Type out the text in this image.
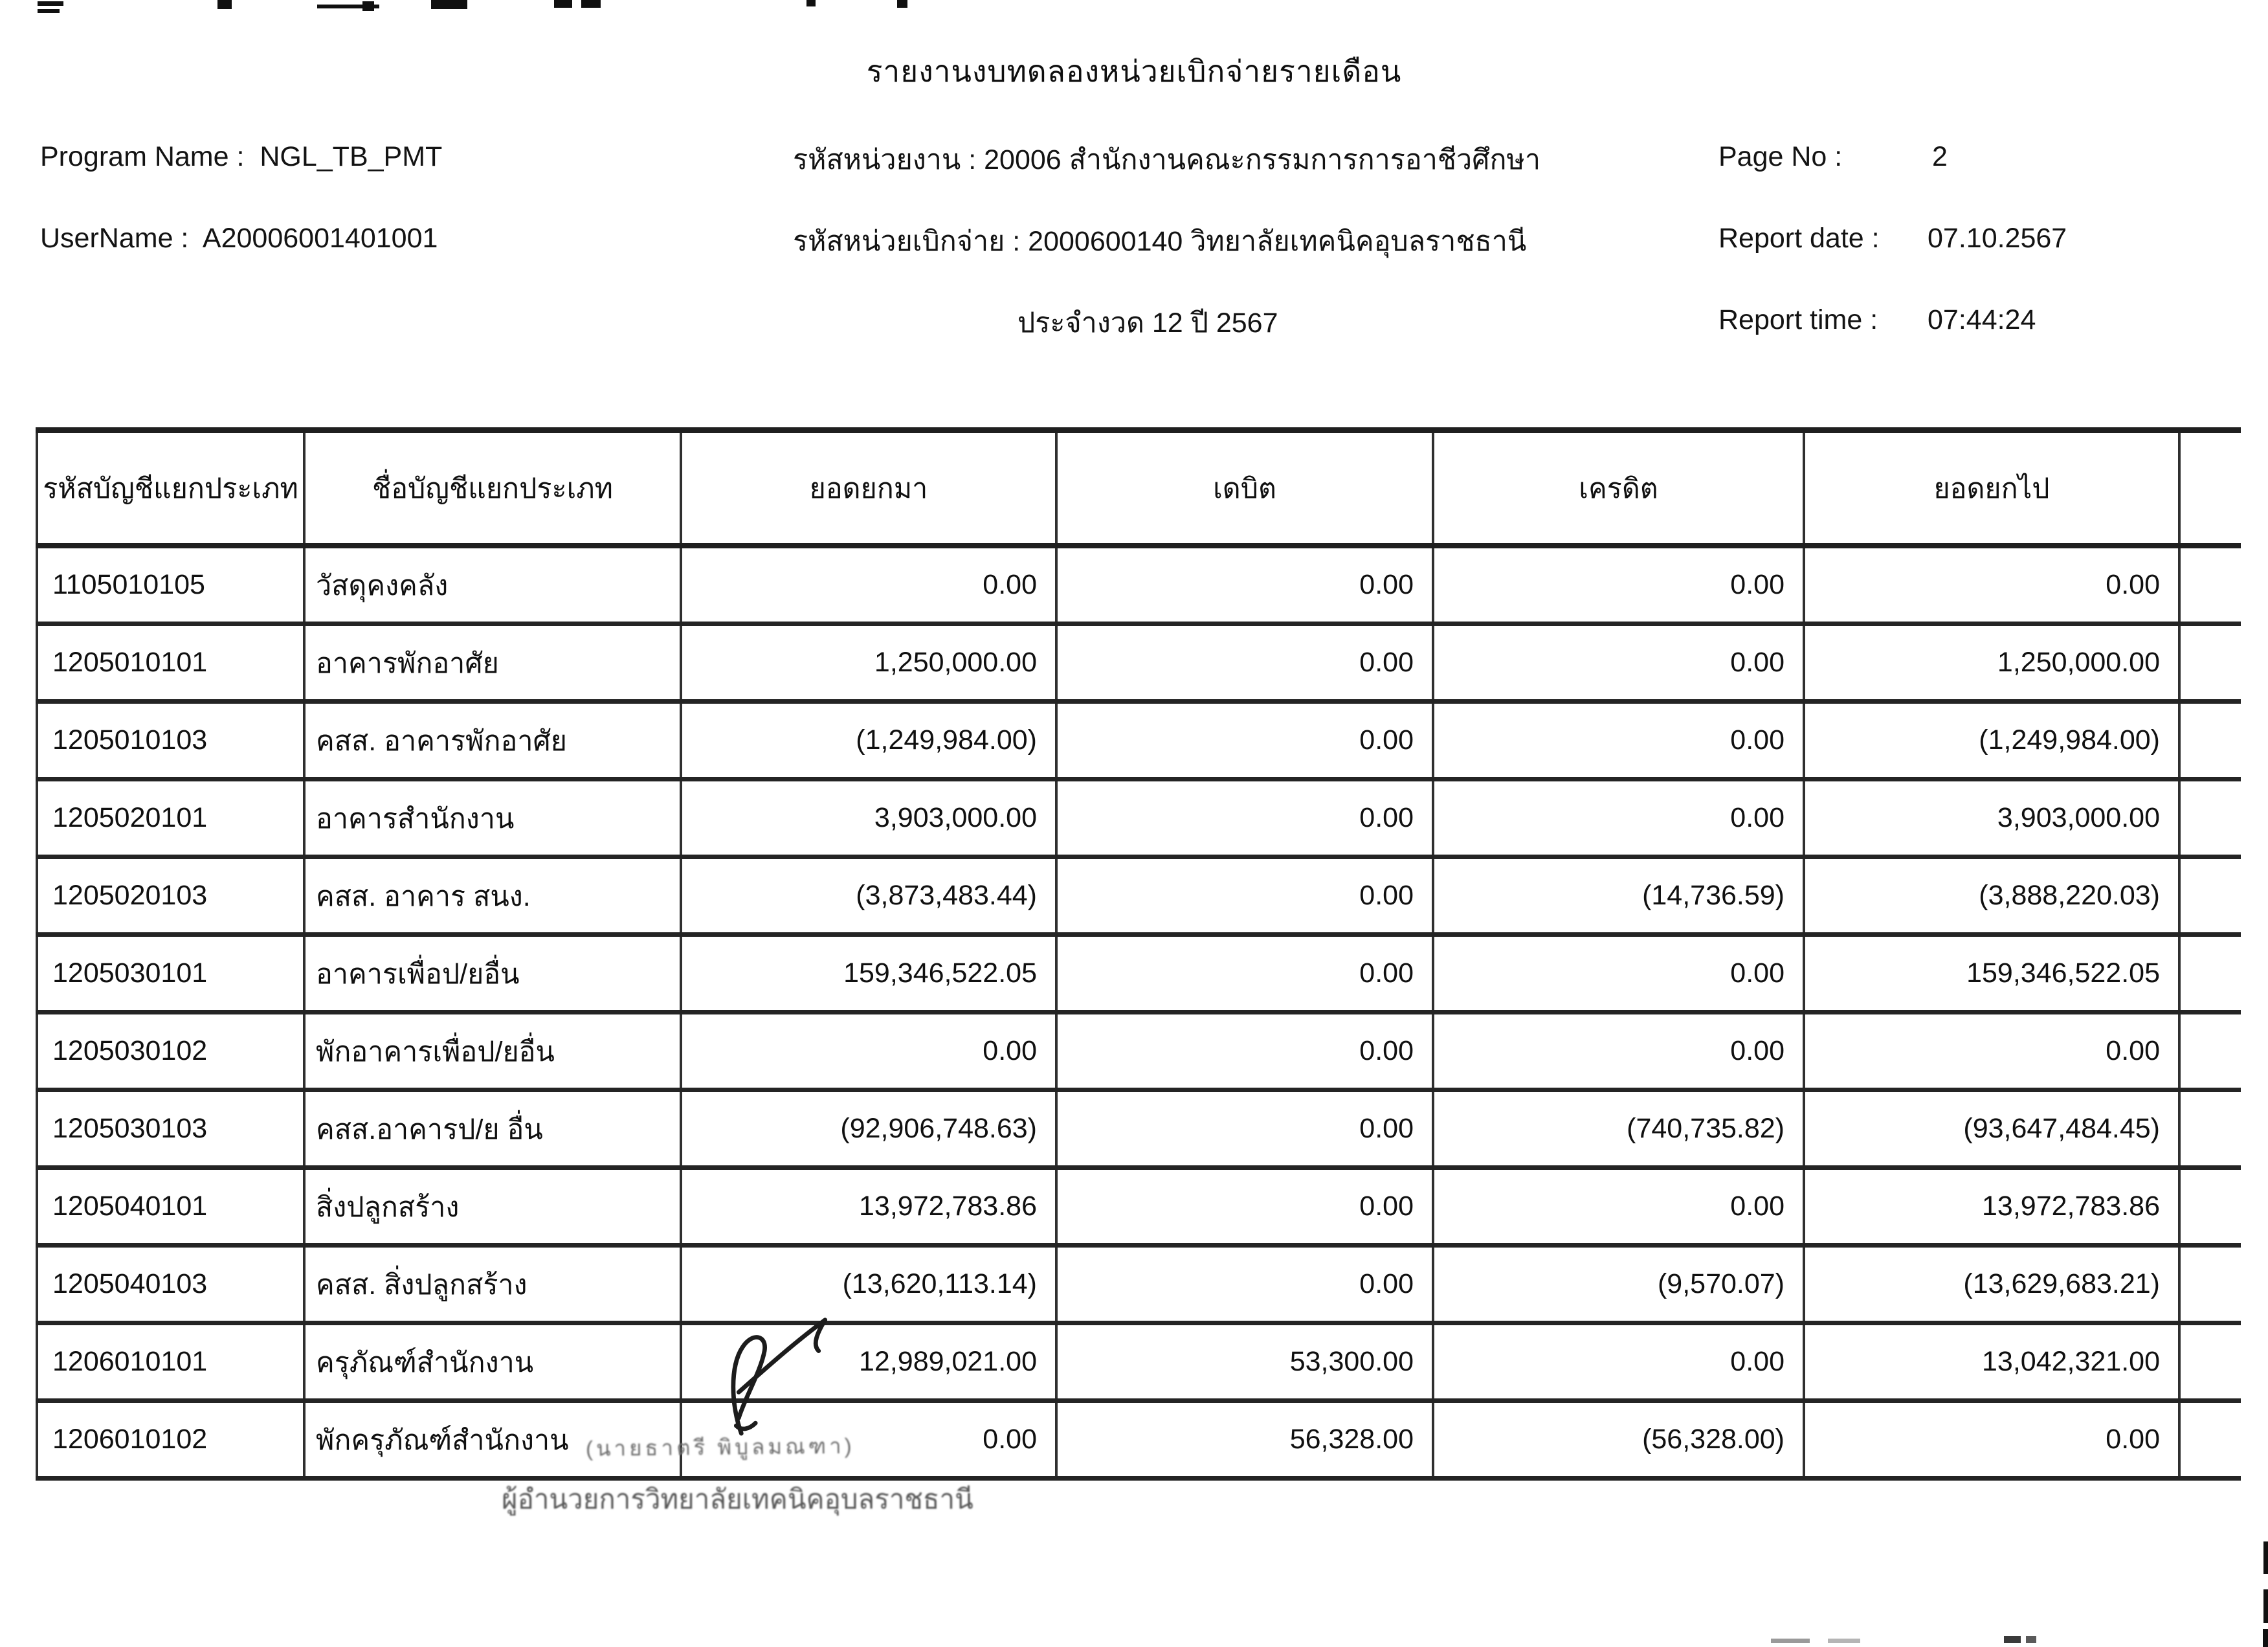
รายงานงบทดลองหน่วยเบิกจ่ายรายเดือน
Program Name : NGL_TB_PMT
UserName : A20006001401001
รหัสหน่วยงาน : 20006 สำนักงานคณะกรรมการการอาชีวศึกษา
รหัสหน่วยเบิกจ่าย : 2000600140 วิทยาลัยเทคนิคอุบลราชธานี
ประจำงวด 12 ปี 2567
Page No :	2
Report date : 07.10.2567
Report time : 07:44:24
รหัสบัญชีแยกประเภท	ชื่อบัญชีแยกประเภท	ยอดยกมา	เดบิต	เครดิต	ยอดยกไป	
1105010105	วัสดุคงคลัง	0.00	0.00	0.00	0.00	
1205010101	อาคารพักอาศัย	1,250,000.00	0.00	0.00	1,250,000.00	
1205010103	คสส. อาคารพักอาศัย	(1,249,984.00)	0.00	0.00	(1,249,984.00)	
1205020101	อาคารสำนักงาน	3,903,000.00	0.00	0.00	3,903,000.00	
1205020103	คสส. อาคาร สนง.	(3,873,483.44)	0.00	(14,736.59)	(3,888,220.03)	
1205030101	อาคารเพื่อป/ยอื่น	159,346,522.05	0.00	0.00	159,346,522.05	
1205030102	พักอาคารเพื่อป/ยอื่น	0.00	0.00	0.00	0.00	
1205030103	คสส.อาคารป/ย อื่น	(92,906,748.63)	0.00	(740,735.82)	(93,647,484.45)	
1205040101	สิ่งปลูกสร้าง	13,972,783.86	0.00	0.00	13,972,783.86	
1205040103	คสส. สิ่งปลูกสร้าง	(13,620,113.14)	0.00	(9,570.07)	(13,629,683.21)	
1206010101	ครุภัณฑ์สำนักงาน	12,989,021.00	53,300.00	0.00	13,042,321.00	
1206010102	พักครุภัณฑ์สำนักงาน	0.00	56,328.00	(56,328.00)	0.00	
(นายธาตรี พิบูลมณฑา)
ผู้อำนวยการวิทยาลัยเทคนิคอุบลราชธานี
